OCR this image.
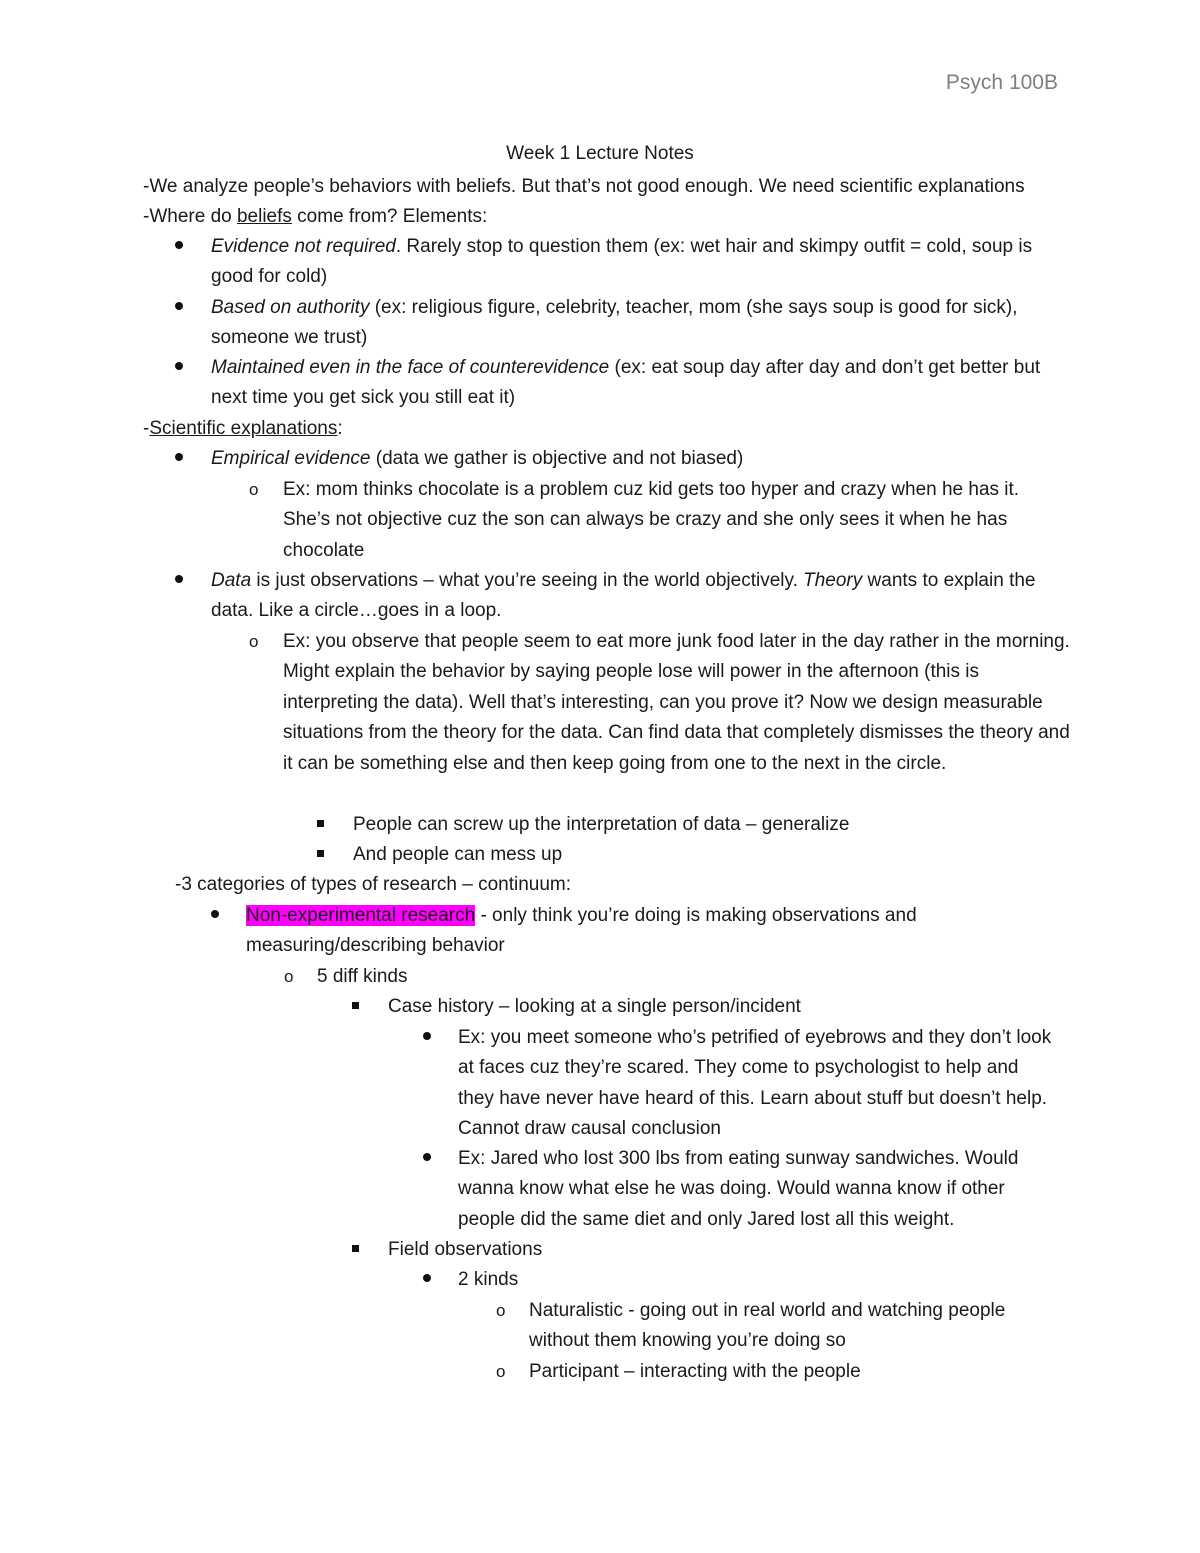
Psych 100B
Week 1 Lecture Notes
-We analyze people’s behaviors with beliefs. But that’s not good enough. We need scientific explanations
-Where do beliefs come from? Elements:
Evidence not required. Rarely stop to question them (ex: wet hair and skimpy outfit = cold, soup is good for cold)
Based on authority (ex: religious figure, celebrity, teacher, mom (she says soup is good for sick), someone we trust)
Maintained even in the face of counterevidence (ex: eat soup day after day and don’t get better but next time you get sick you still eat it)
-Scientific explanations:
Empirical evidence (data we gather is objective and not biased)
o Ex: mom thinks chocolate is a problem cuz kid gets too hyper and crazy when he has it. She’s not objective cuz the son can always be crazy and she only sees it when he has chocolate
Data is just observations – what you’re seeing in the world objectively. Theory wants to explain the data. Like a circle…goes in a loop.
o Ex: you observe that people seem to eat more junk food later in the day rather in the morning. Might explain the behavior by saying people lose will power in the afternoon (this is interpreting the data). Well that’s interesting, can you prove it? Now we design measurable situations from the theory for the data. Can find data that completely dismisses the theory and it can be something else and then keep going from one to the next in the circle.
People can screw up the interpretation of data – generalize
And people can mess up
-3 categories of types of research – continuum:
Non-experimental research - only think you’re doing is making observations and measuring/describing behavior
o 5 diff kinds
Case history – looking at a single person/incident
Ex: you meet someone who’s petrified of eyebrows and they don’t look at faces cuz they’re scared. They come to psychologist to help and they have never have heard of this. Learn about stuff but doesn’t help. Cannot draw causal conclusion
Ex: Jared who lost 300 lbs from eating sunway sandwiches. Would wanna know what else he was doing. Would wanna know if other people did the same diet and only Jared lost all this weight.
Field observations
2 kinds
o Naturalistic - going out in real world and watching people without them knowing you’re doing so
o Participant – interacting with the people
